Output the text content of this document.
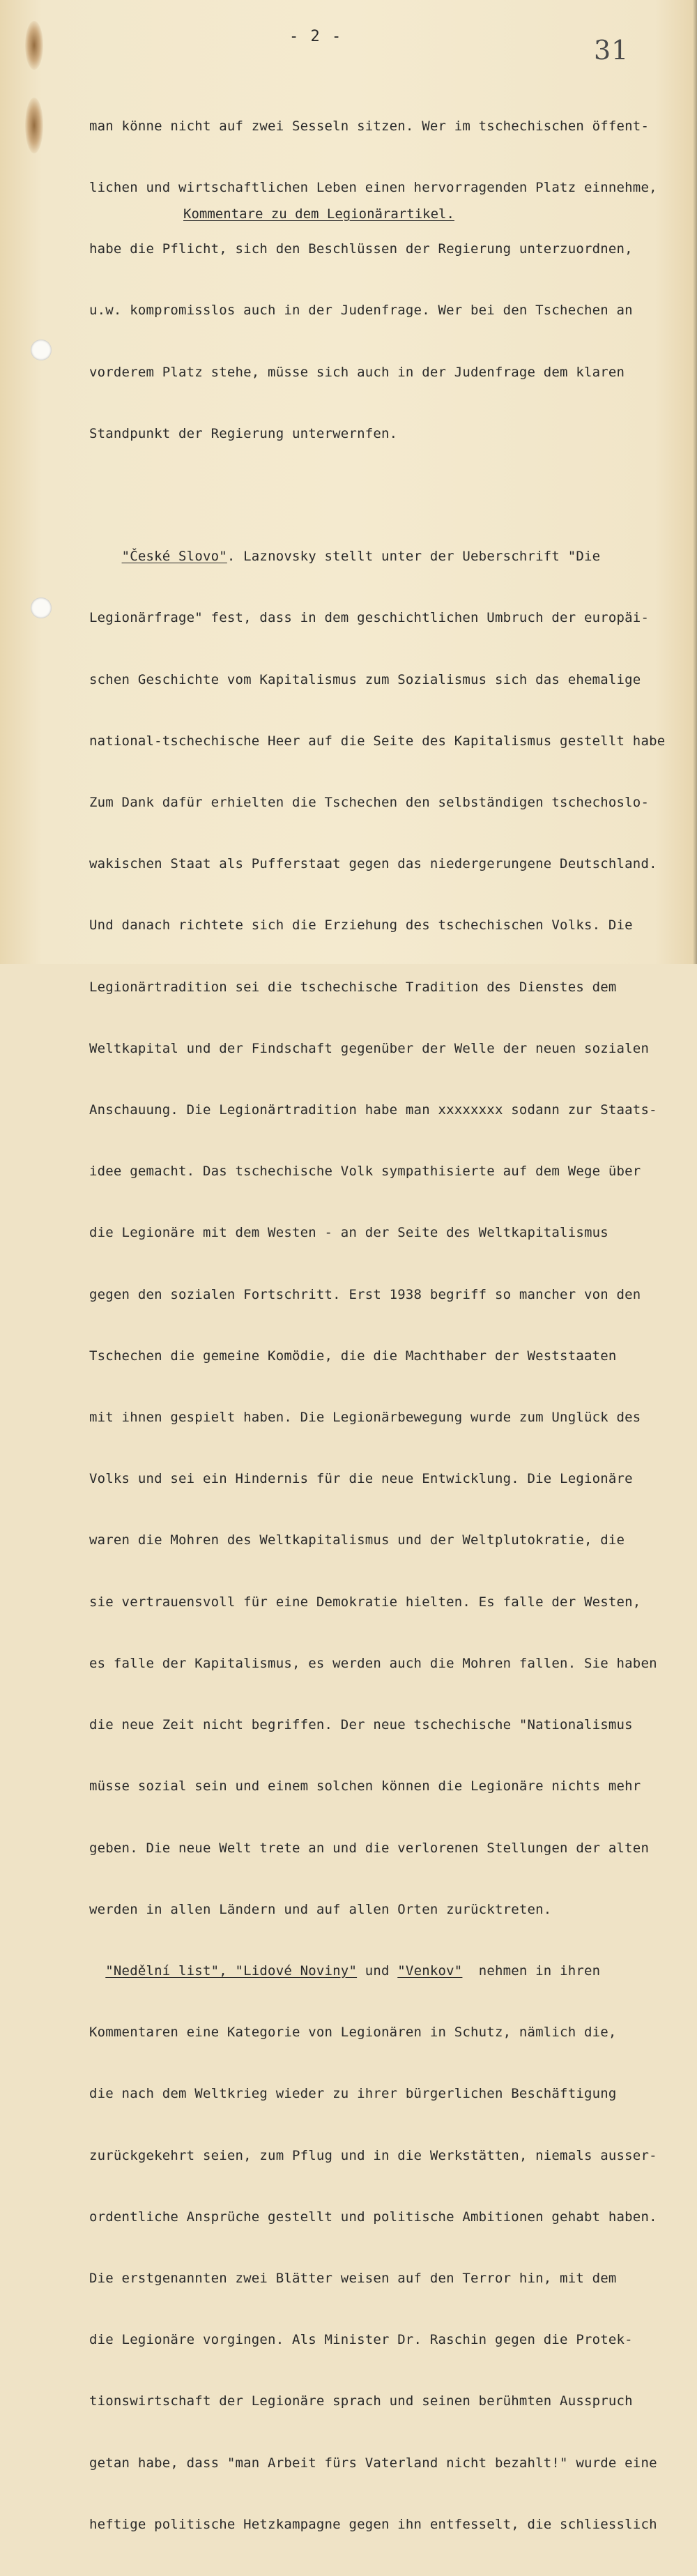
- 2 -	31

man könne nicht auf zwei Sesseln sitzen. Wer im tschechischen öffent-

lichen und wirtschaftlichen Leben einen hervorragenden Platz einnehme,

habe die Pflicht, sich den Beschlüssen der Regierung unterzuordnen,

u.w. kompromisslos auch in der Judenfrage. Wer bei den Tschechen an

vorderem Platz stehe, müsse sich auch in der Judenfrage dem klaren

Standpunkt der Regierung unterwernfen.

"České Slovo". Laznovsky stellt unter der Ueberschrift "Die

Legionärfrage" fest, dass in dem geschichtlichen Umbruch der europäi-

schen Geschichte vom Kapitalismus zum Sozialismus sich das ehemalige

national-tschechische Heer auf die Seite des Kapitalismus gestellt habe

Zum Dank dafür erhielten die Tschechen den selbständigen tschechoslo-

wakischen Staat als Pufferstaat gegen das niedergerungene Deutschland.

Und danach richtete sich die Erziehung des tschechischen Volks. Die

Legionärtradition sei die tschechische Tradition des Dienstes dem

Weltkapital und der Findschaft gegenüber der Welle der neuen sozialen

Anschauung. Die Legionärtradition habe man xxxxxxxx sodann zur Staats-

idee gemacht. Das tschechische Volk sympathisierte auf dem Wege über

die Legionäre mit dem Westen - an der Seite des Weltkapitalismus

gegen den sozialen Fortschritt. Erst 1938 begriff so mancher von den

Tschechen die gemeine Komödie, die die Machthaber der Weststaaten

mit ihnen gespielt haben. Die Legionärbewegung wurde zum Unglück des

Volks und sei ein Hindernis für die neue Entwicklung. Die Legionäre

waren die Mohren des Weltkapitalismus und der Weltplutokratie, die

sie vertrauensvoll für eine Demokratie hielten. Es falle der Westen,

es falle der Kapitalismus, es werden auch die Mohren fallen. Sie haben

die neue Zeit nicht begriffen. Der neue tschechische "Nationalismus

müsse sozial sein und einem solchen können die Legionäre nichts mehr

geben. Die neue Welt trete an und die verlorenen Stellungen der alten

werden in allen Ländern und auf allen Orten zurücktreten.

"Nedělní list", "Lidové Noviny" und "Venkov"  nehmen in ihren

Kommentaren eine Kategorie von Legionären in Schutz, nämlich die,

die nach dem Weltkrieg wieder zu ihrer bürgerlichen Beschäftigung

zurückgekehrt seien, zum Pflug und in die Werkstätten, niemals ausser-

ordentliche Ansprüche gestellt und politische Ambitionen gehabt haben.

Die erstgenannten zwei Blätter weisen auf den Terror hin, mit dem

die Legionäre vorgingen. Als Minister Dr. Raschin gegen die Protek-

tionswirtschaft der Legionäre sprach und seinen berühmten Ausspruch

getan habe, dass "man Arbeit fürs Vaterland nicht bezahlt!" wurde eine

heftige politische Hetzkampagne gegen ihn entfesselt, die schliesslich

Kommentare zu dem Legionärartikel.
